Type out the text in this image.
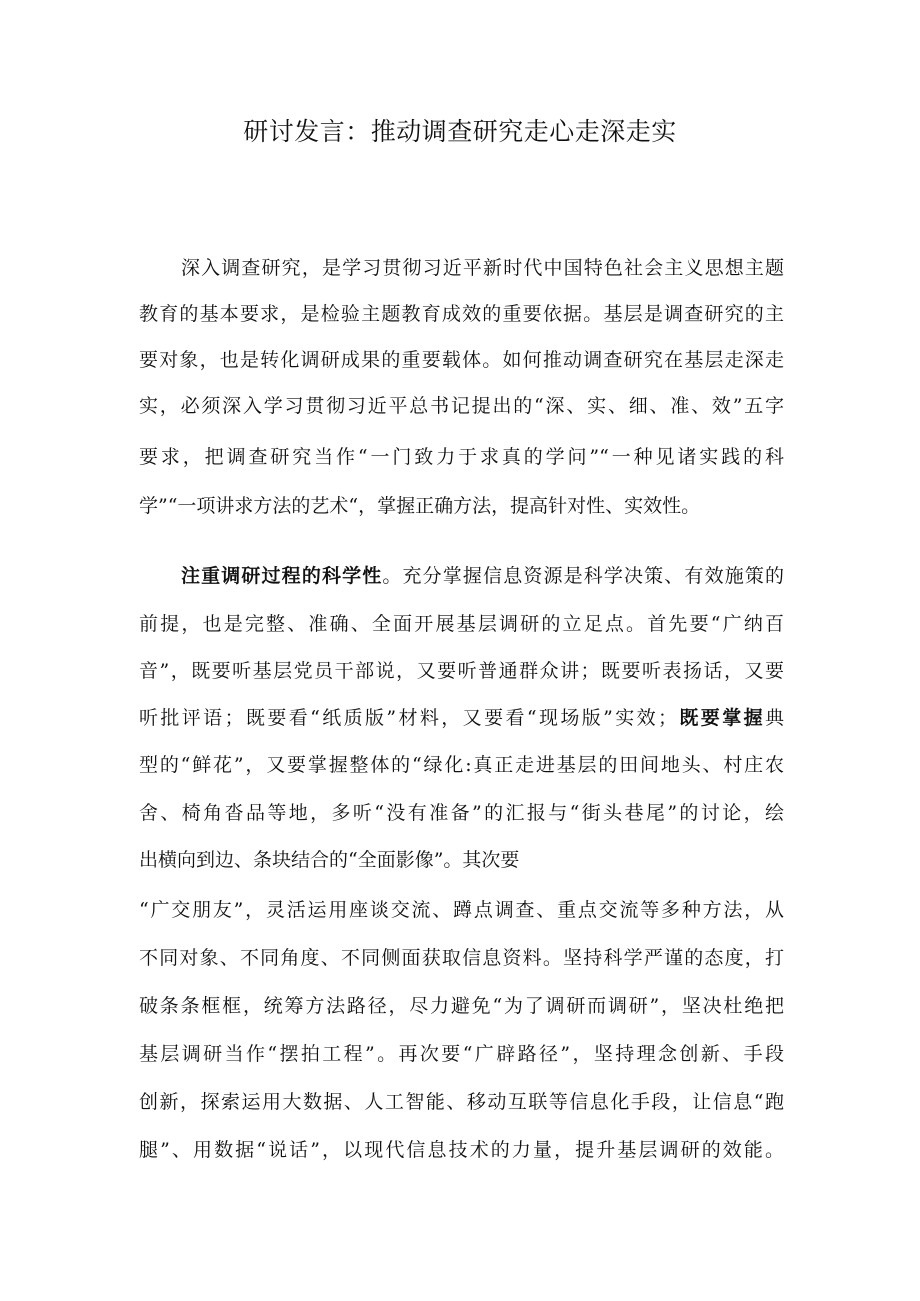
研讨发言：推动调查研究走心走深走实

深入调查研究，是学习贯彻习近平新时代中国特色社会主义思想主题

教育的基本要求，是检验主题教育成效的重要依据。基层是调查研究的主

要对象，也是转化调研成果的重要载体。如何推动调查研究在基层走深走

实，必须深入学习贯彻习近平总书记提出的“深、实、细、准、效”五字

要求，把调查研究当作“一门致力于求真的学问”“一种见诸实践的科

学”“一项讲求方法的艺术“，掌握正确方法，提高针对性、实效性。

注重调研过程的科学性。充分掌握信息资源是科学决策、有效施策的

前提，也是完整、准确、全面开展基层调研的立足点。首先要“广纳百

音”，既要听基层党员干部说，又要听普通群众讲；既要听表扬话，又要

听批评语；既要看“纸质版”材料，又要看“现场版”实效；既要掌握典

型的“鲜花”，又要掌握整体的“绿化:真正走进基层的田间地头、村庄农

舍、椅角沓品等地，多听“没有准备”的汇报与“街头巷尾”的讨论，绘

出横向到边、条块结合的“全面影像”。其次要

“广交朋友”，灵活运用座谈交流、蹲点调查、重点交流等多种方法，从

不同对象、不同角度、不同侧面获取信息资料。坚持科学严谨的态度，打

破条条框框，统筹方法路径，尽力避免“为了调研而调研”，坚决杜绝把

基层调研当作“摆拍工程”。再次要“广辟路径”，坚持理念创新、手段

创新，探索运用大数据、人工智能、移动互联等信息化手段，让信息“跑

腿”、用数据“说话”，以现代信息技术的力量，提升基层调研的效能。
